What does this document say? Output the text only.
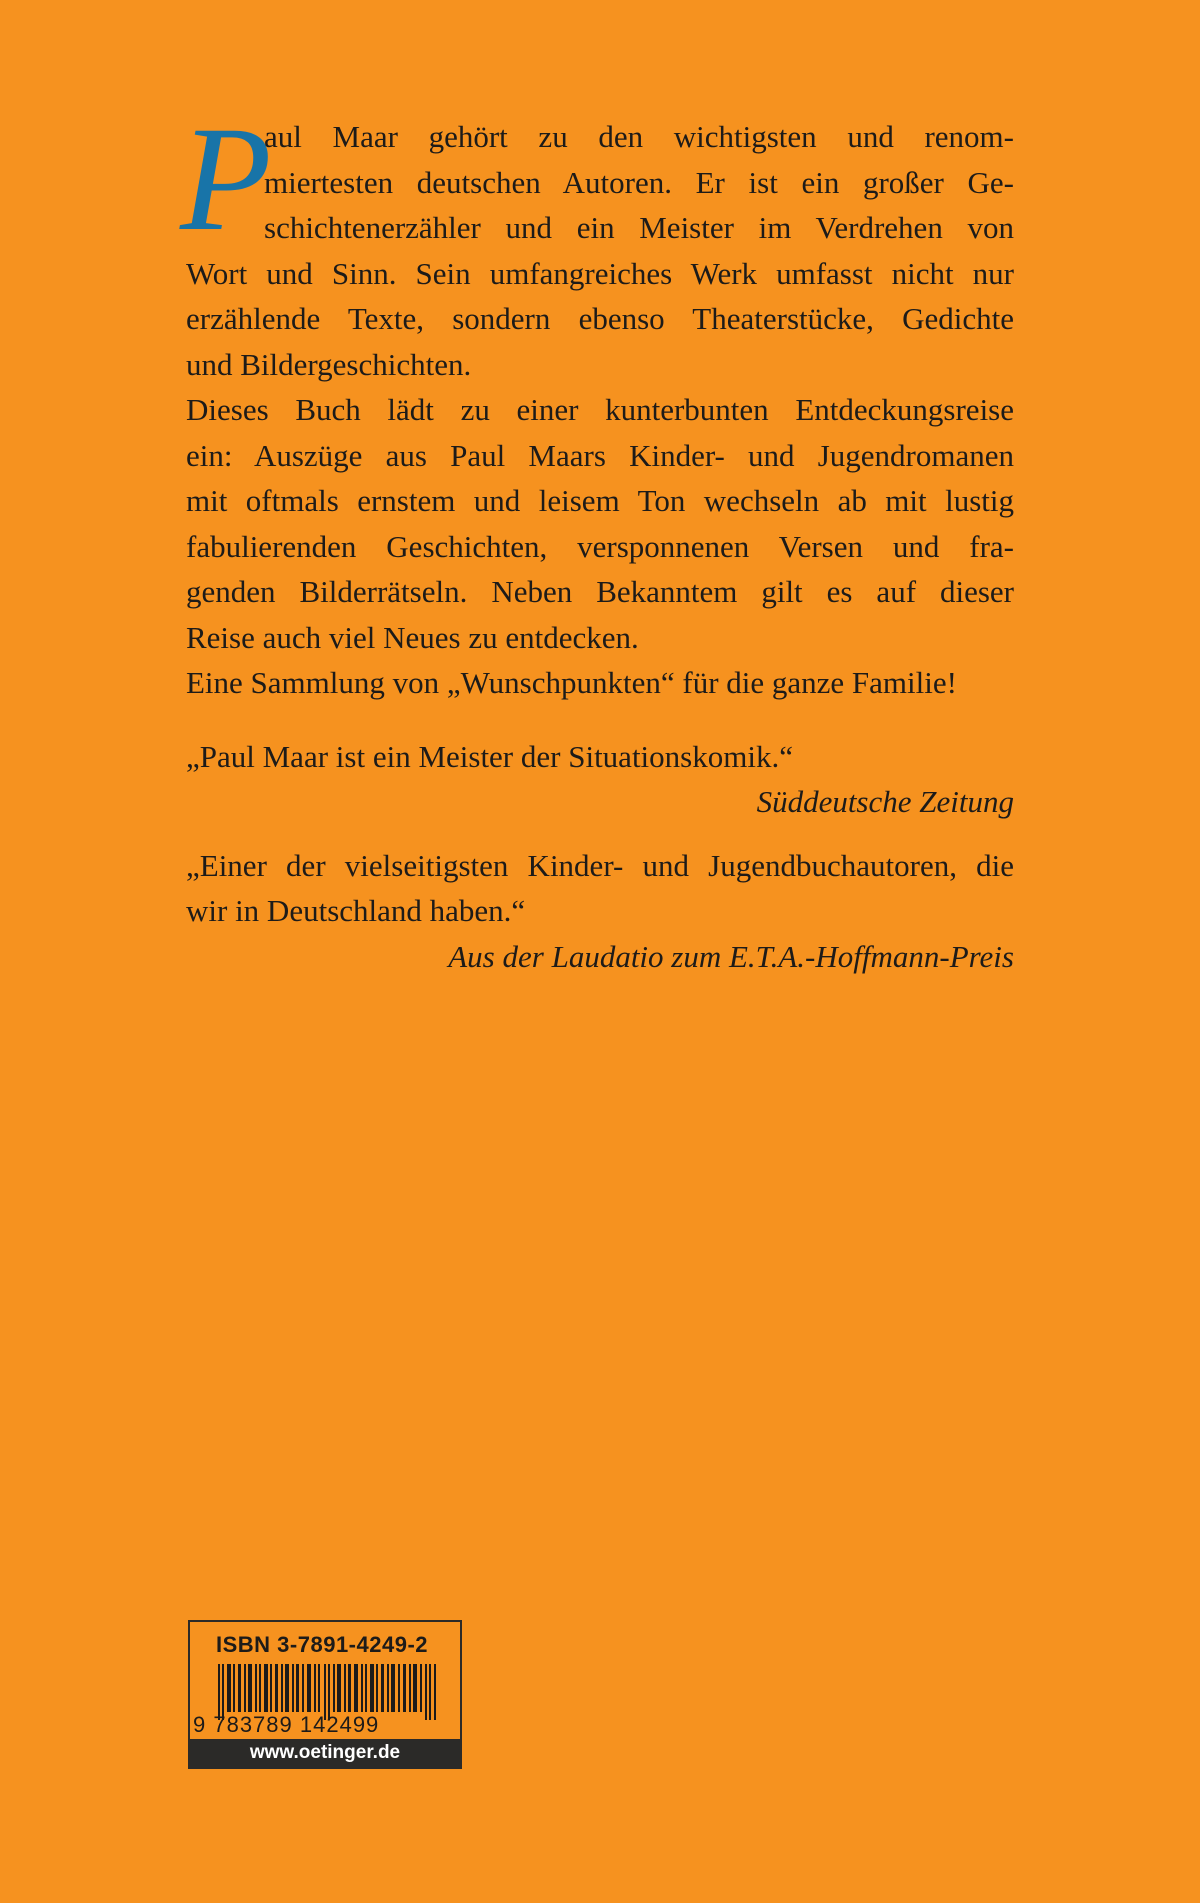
P
aul Maar gehört zu den wichtigsten und renom-
miertesten deutschen Autoren. Er ist ein großer Ge-
schichtenerzähler und ein Meister im Verdrehen von
Wort und Sinn. Sein umfangreiches Werk umfasst nicht nur
erzählende Texte, sondern ebenso Theaterstücke, Gedichte
und Bildergeschichten.
Dieses Buch lädt zu einer kunterbunten Entdeckungsreise
ein: Auszüge aus Paul Maars Kinder- und Jugendromanen
mit oftmals ernstem und leisem Ton wechseln ab mit lustig
fabulierenden Geschichten, versponnenen Versen und fra-
genden Bilderrätseln. Neben Bekanntem gilt es auf dieser
Reise auch viel Neues zu entdecken.
Eine Sammlung von „Wunschpunkten“ für die ganze Familie!
„Paul Maar ist ein Meister der Situationskomik.“
Süddeutsche Zeitung
„Einer der vielseitigsten Kinder- und Jugendbuchautoren, die
wir in Deutschland haben.“
Aus der Laudatio zum E.T.A.-Hoffmann-Preis
ISBN 3-7891-4249-2
9 783789 142499
www.oetinger.de
